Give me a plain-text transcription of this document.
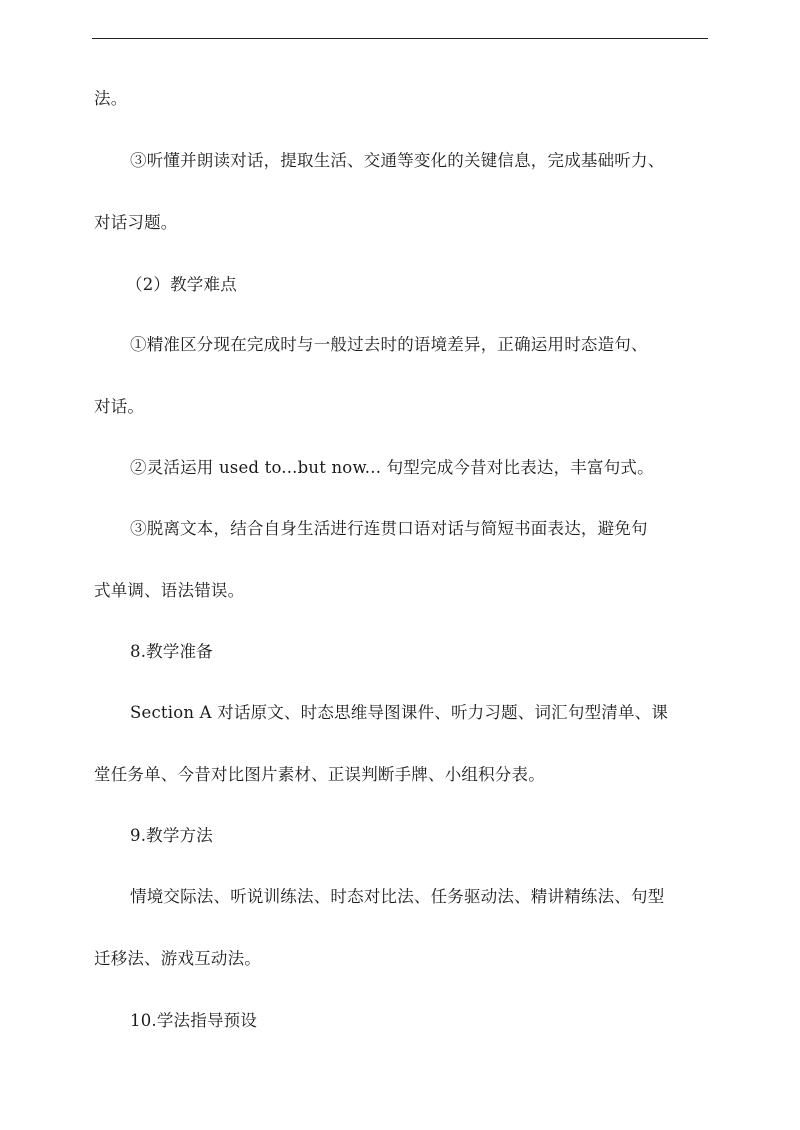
法。
③听懂并朗读对话，提取生活、交通等变化的关键信息，完成基础听力、
对话习题。
（2）教学难点
①精准区分现在完成时与一般过去时的语境差异，正确运用时态造句、
对话。
②灵活运用 used to...but now... 句型完成今昔对比表达，丰富句式。
③脱离文本，结合自身生活进行连贯口语对话与简短书面表达，避免句
式单调、语法错误。
8.教学准备
Section A 对话原文、时态思维导图课件、听力习题、词汇句型清单、课
堂任务单、今昔对比图片素材、正误判断手牌、小组积分表。
9.教学方法
情境交际法、听说训练法、时态对比法、任务驱动法、精讲精练法、句型
迁移法、游戏互动法。
10.学法指导预设
